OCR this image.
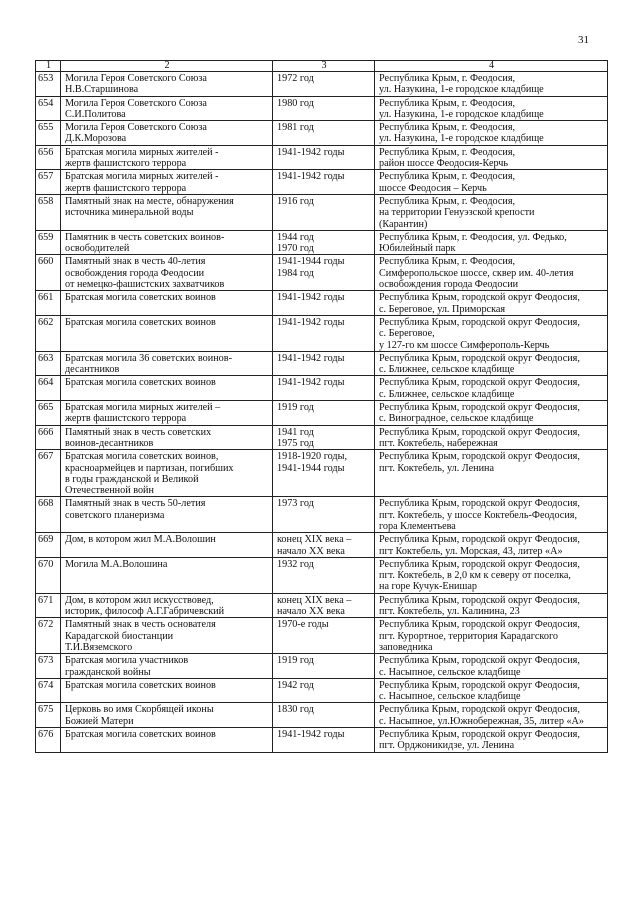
31
1	2	3	4
653	Могила Героя Советского Союза
Н.В.Старшинова	1972 год	Республика Крым, г. Феодосия,
ул. Назукина, 1-е городское кладбище
654	Могила Героя Советского Союза
С.И.Политова	1980 год	Республика Крым, г. Феодосия,
ул. Назукина, 1-е городское кладбище
655	Могила Героя Советского Союза
Д.К.Морозова	1981 год	Республика Крым, г. Феодосия,
ул. Назукина, 1-е городское кладбище
656	Братская могила мирных жителей -
жертв фашистского террора	1941-1942 годы	Республика Крым, г. Феодосия,
район шоссе Феодосия-Керчь
657	Братская могила мирных жителей -
жертв фашистского террора	1941-1942 годы	Республика Крым, г. Феодосия,
шоссе Феодосия – Керчь
658	Памятный знак на месте, обнаружения
источника минеральной воды	1916 год	Республика Крым, г. Феодосия,
на территории Генуэзской крепости
(Карантин)
659	Памятник в честь советских воинов-
освободителей	1944 год
1970 год	Республика Крым, г. Феодосия, ул. Федько,
Юбилейный парк
660	Памятный знак в честь 40-летия
освобождения города Феодосии
от немецко-фашистских захватчиков	1941-1944 годы
1984 год	Республика Крым, г. Феодосия,
Симферопольское шоссе, сквер им. 40-летия
освобождения города Феодосии
661	Братская могила советских воинов	1941-1942 годы	Республика Крым, городской округ Феодосия,
с. Береговое, ул. Приморская
662	Братская могила советских воинов	1941-1942 годы	Республика Крым, городской округ Феодосия,
с. Береговое,
у 127-го км шоссе Симферополь-Керчь
663	Братская могила 36 советских воинов-
десантников	1941-1942 годы	Республика Крым, городской округ Феодосия,
с. Ближнее, сельское кладбище
664	Братская могила советских воинов	1941-1942 годы	Республика Крым, городской округ Феодосия,
с. Ближнее, сельское кладбище
665	Братская могила мирных жителей –
жертв фашистского террора	1919 год	Республика Крым, городской округ Феодосия,
с. Виноградное, сельское кладбище
666	Памятный знак в честь советских
воинов-десантников	1941 год
1975 год	Республика Крым, городской округ Феодосия,
пгт. Коктебель, набережная
667	Братская могила советских воинов,
красноармейцев и партизан, погибших
в годы гражданской и Великой
Отечественной войн	1918-1920 годы,
1941-1944 годы	Республика Крым, городской округ Феодосия,
пгт. Коктебель, ул. Ленина
668	Памятный знак в честь 50-летия
советского планеризма	1973 год	Республика Крым, городской округ Феодосия,
пгт. Коктебель, у шоссе Коктебель-Феодосия,
гора Клементьева
669	Дом, в котором жил М.А.Волошин	конец XIX века –
начало XX века	Республика Крым, городской округ Феодосия,
пгт Коктебель, ул. Морская, 43, литер «А»
670	Могила М.А.Волошина	1932 год	Республика Крым, городской округ Феодосия,
пгт. Коктебель, в 2,0 км к северу от поселка,
на горе Кучук-Енишар
671	Дом, в котором жил искусствовед,
историк, философ А.Г.Габричевский	конец XIX века –
начало XX века	Республика Крым, городской округ Феодосия,
пгт. Коктебель, ул. Калинина, 23
672	Памятный знак в честь основателя
Карадагской биостанции
Т.И.Вяземского	1970-е годы	Республика Крым, городской округ Феодосия,
пгт. Курортное, территория Карадагского
заповедника
673	Братская могила участников
гражданской войны	1919 год	Республика Крым, городской округ Феодосия,
с. Насыпное, сельское кладбище
674	Братская могила советских воинов	1942 год	Республика Крым, городской округ Феодосия,
с. Насыпное, сельское кладбище
675	Церковь во имя Скорбящей иконы
Божией Матери	1830 год	Республика Крым, городской округ Феодосия,
с. Насыпное, ул.Южнобережная, 35, литер «А»
676	Братская могила советских воинов	1941-1942 годы	Республика Крым, городской округ Феодосия,
пгт. Орджоникидзе, ул. Ленина
